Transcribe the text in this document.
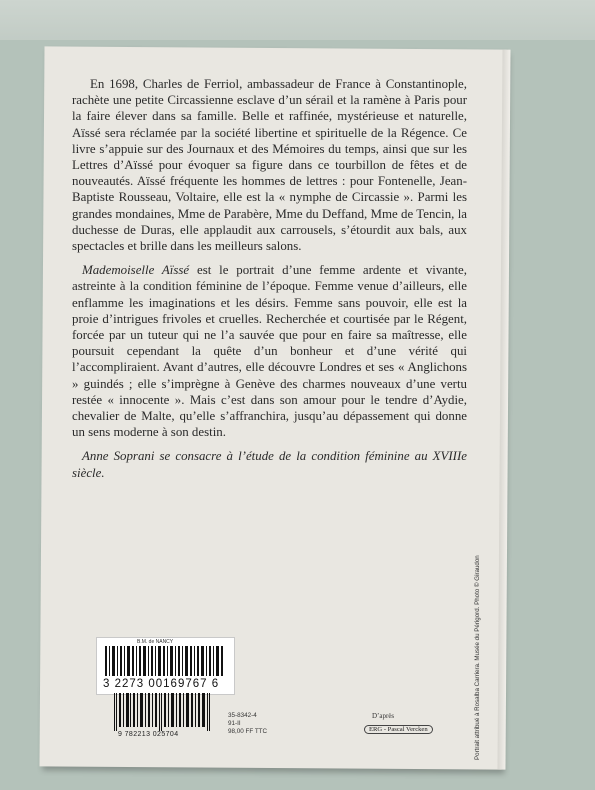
En 1698, Charles de Ferriol, ambassadeur de France à Constantinople, rachète une petite Circassienne esclave d’un sérail et la ramène à Paris pour la faire élever dans sa famille. Belle et raffinée, mystérieuse et naturelle, Aïssé sera réclamée par la société libertine et spirituelle de la Régence. Ce livre s’appuie sur des Journaux et des Mémoires du temps, ainsi que sur les Lettres d’Aïssé pour évoquer sa figure dans ce tourbillon de fêtes et de nouveautés. Aïssé fréquente les hommes de lettres : pour Fontenelle, Jean-Baptiste Rousseau, Voltaire, elle est la « nymphe de Circassie ». Parmi les grandes mondaines, Mme de Parabère, Mme du Deffand, Mme de Tencin, la duchesse de Duras, elle applaudit aux carrousels, s’étourdit aux bals, aux spectacles et brille dans les meilleurs salons.

Mademoiselle Aïssé est le portrait d’une femme ardente et vivante, astreinte à la condition féminine de l’époque. Femme venue d’ailleurs, elle enflamme les imaginations et les désirs. Femme sans pouvoir, elle est la proie d’intrigues frivoles et cruelles. Recherchée et courtisée par le Régent, forcée par un tuteur qui ne l’a sauvée que pour en faire sa maîtresse, elle poursuit cependant la quête d’un bonheur et d’une vérité qui l’accompliraient. Avant d’autres, elle découvre Londres et ses « Anglichons » guindés ; elle s’imprègne à Genève des charmes nouveaux d’une vertu restée « innocente ». Mais c’est dans son amour pour le tendre d’Aydie, chevalier de Malte, qu’elle s’affranchira, jusqu’au dépassement qui donne un sens moderne à son destin.

Anne Soprani se consacre à l’étude de la condition féminine au XVIIIe siècle.

Portrait attribué à Rosalba Carriera. Musée du Périgord. Photo © Giraudon
B.M. de NANCY
3 2273 00169767 6
9 782213 025704
35-8342-4
91-II
98,00 FF TTC
D’après
ERG - Pascal Vercken
